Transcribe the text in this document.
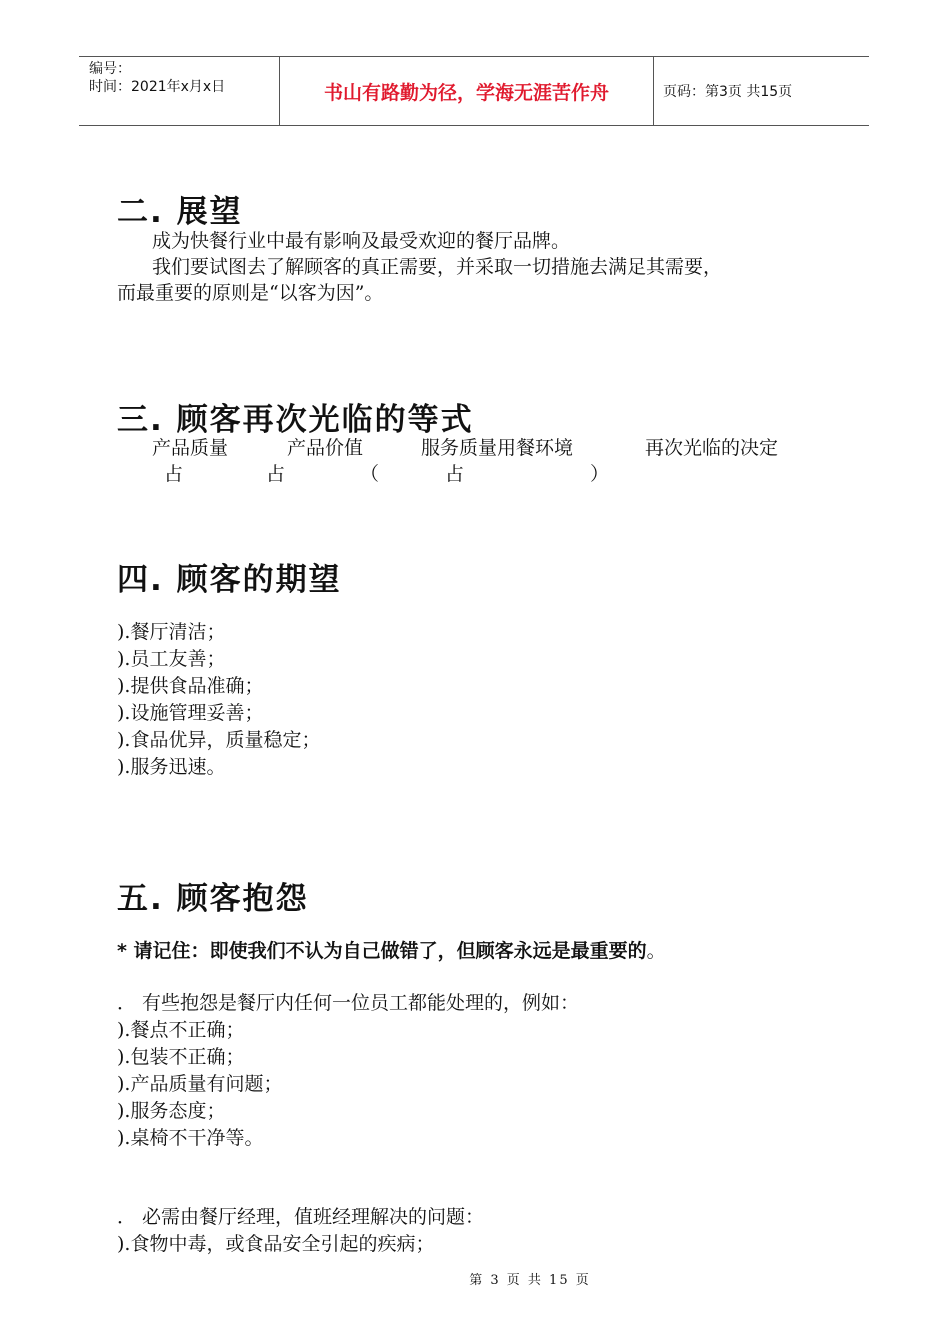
编号：
时间：2021年x月x日	书山有路勤为径，学海无涯苦作舟	页码：第3页 共15页
二. 展望
成为快餐行业中最有影响及最受欢迎的餐厅品牌。
我们要试图去了解顾客的真正需要，并采取一切措施去满足其需要，
而最重要的原则是“以客为因”。
三. 顾客再次光临的等式
产品质量	产品价值	服务质量用餐环境	再次光临的决定
占	占	（	占	）
四. 顾客的期望
).餐厅清洁；
).员工友善；
).提供食品准确；
).设施管理妥善；
).食品优异，质量稳定；
).服务迅速。
五. 顾客抱怨
* 请记住：即使我们不认为自己做错了，但顾客永远是最重要的。
． 有些抱怨是餐厅内任何一位员工都能处理的，例如：
).餐点不正确；
).包装不正确；
).产品质量有问题；
).服务态度；
).桌椅不干净等。
． 必需由餐厅经理，值班经理解决的问题：
).食物中毒，或食品安全引起的疾病；
第 3 页 共 15 页
